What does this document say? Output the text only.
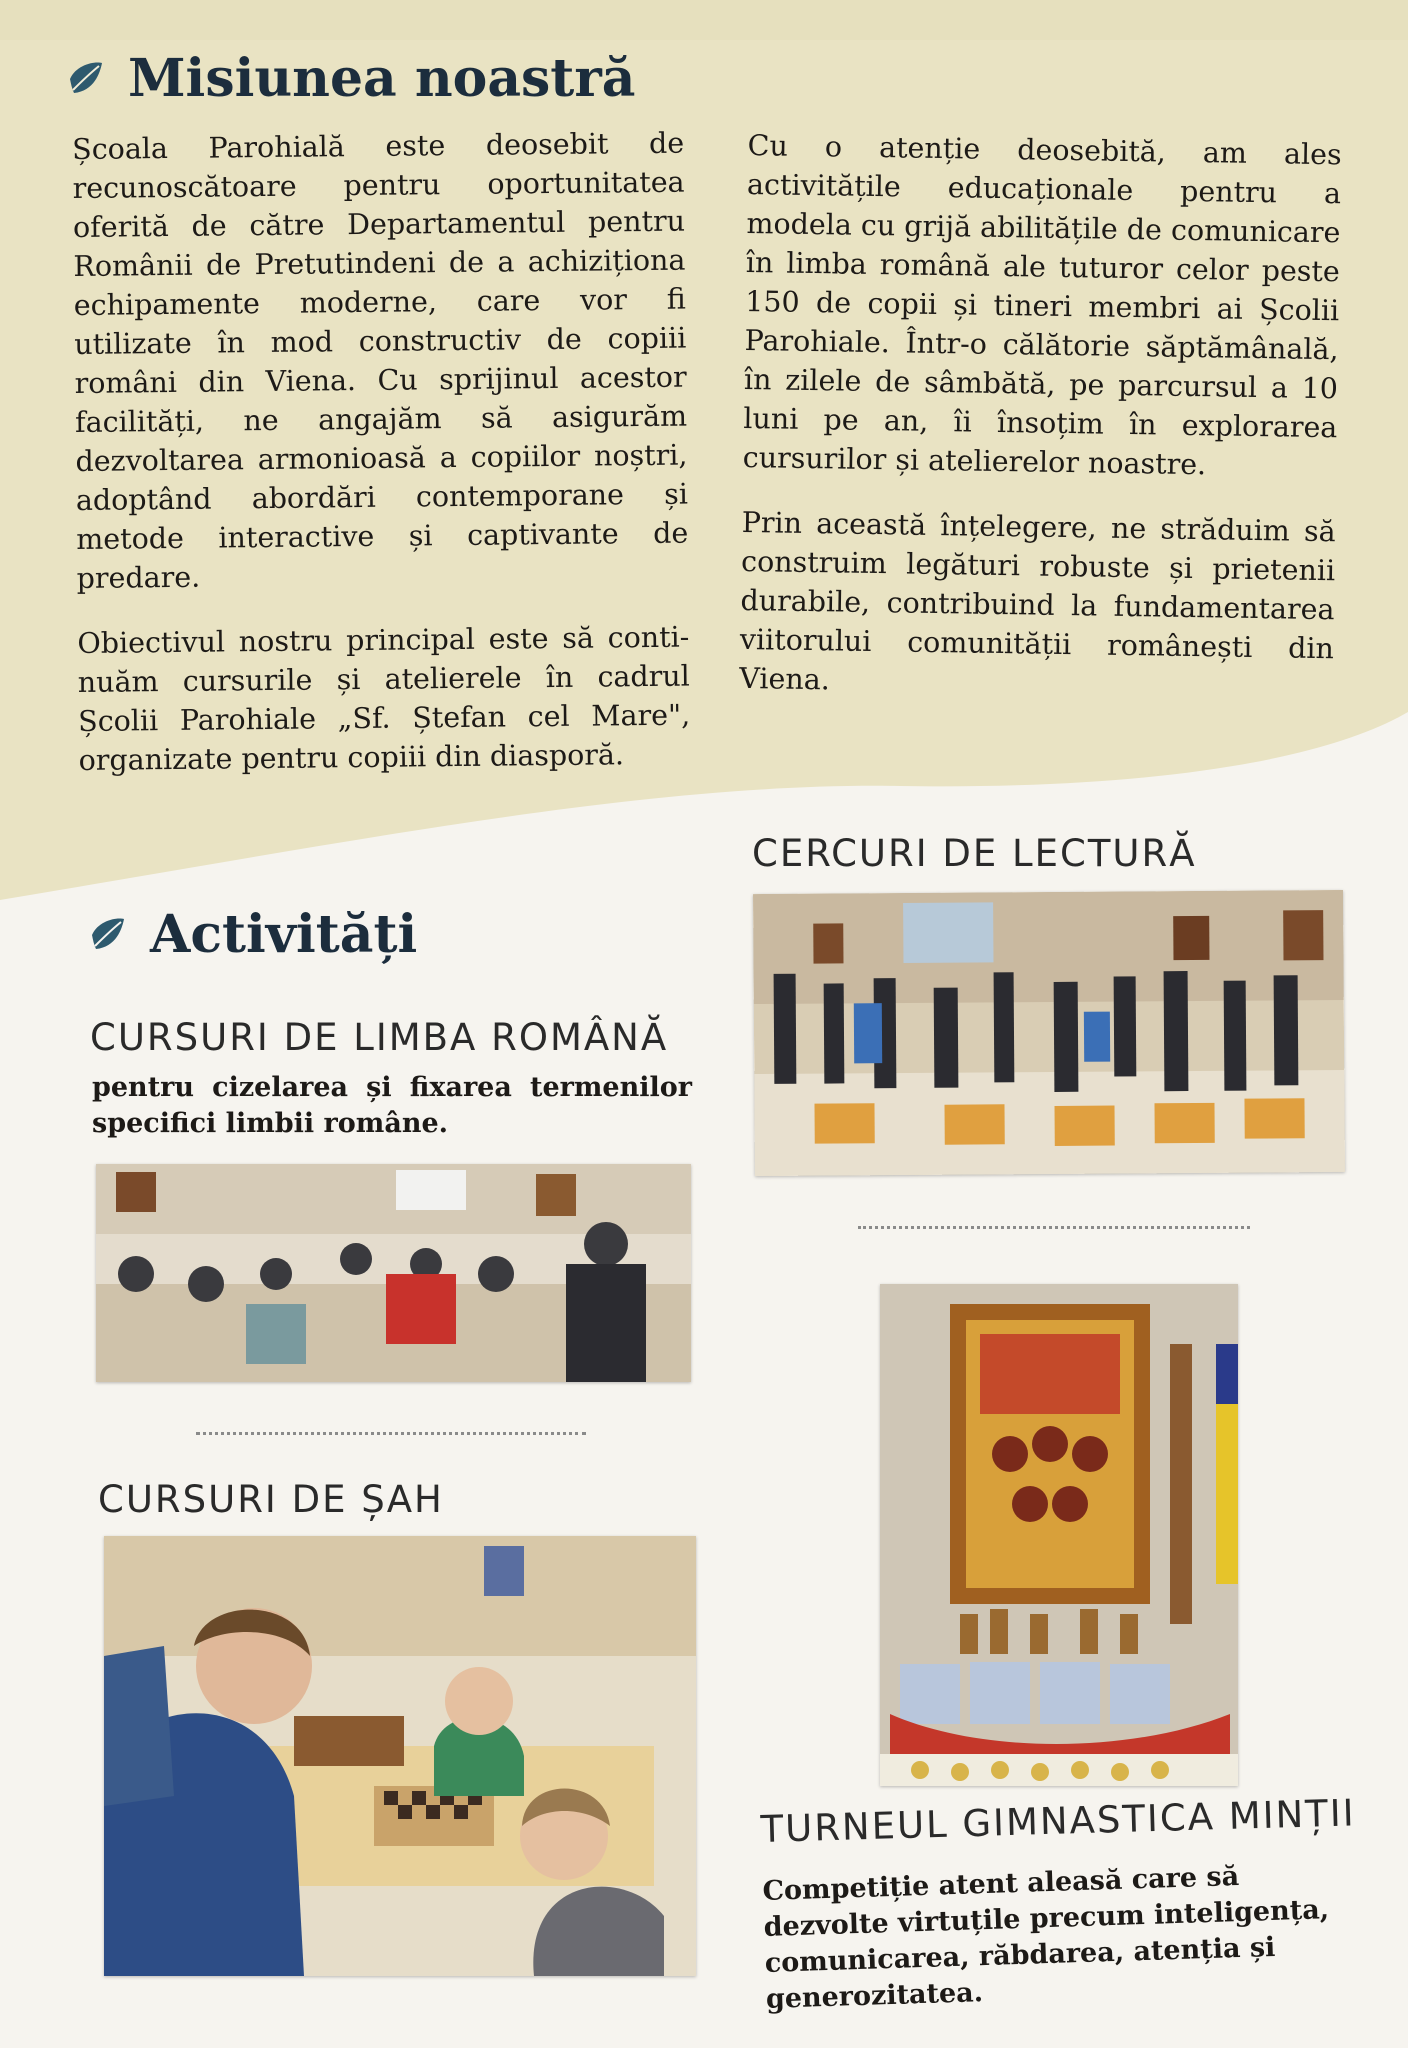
Misiunea noastră

Școala Parohială este deosebit de recunoscătoare pentru oportunitatea oferită de către Departamentul pentru Românii de Pretutindeni de a achiziționa echipamente moderne, care vor fi utilizate în mod constructiv de copiii români din Viena. Cu sprijinul acestor facilități, ne angajăm să asigurăm dezvoltarea armonioasă a copiilor noștri, adoptând abordări contemporane și metode interactive și captivante de predare.

Obiectivul nostru principal este să continuăm cursurile și atelierele în cadrul Școlii Parohiale „Sf. Ștefan cel Mare", organizate pentru copiii din diasporă.

Cu o atenție deosebită, am ales activitățile educaționale pentru a modela cu grijă abilitățile de comunicare în limba română ale tuturor celor peste 150 de copii și tineri membri ai Școlii Parohiale. Într-o călătorie săptămânală, în zilele de sâmbătă, pe parcursul a 10 luni pe an, îi însoțim în explorarea cursurilor și atelierelor noastre.

Prin această înțelegere, ne străduim să construim legături robuste și prietenii durabile, contribuind la fundamentarea viitorului comunității românești din Viena.

Activități
CERCURI DE LECTURĂ
CURSURI DE LIMBA ROMÂNĂ
pentru cizelarea și fixarea termenilor specifici limbii române.
CURSURI DE ȘAH
TURNEUL GIMNASTICA MINȚII
Competiție atent aleasă care să dezvolte virtuțile precum inteligența, comunicarea, răbdarea, atenția și generozitatea.
